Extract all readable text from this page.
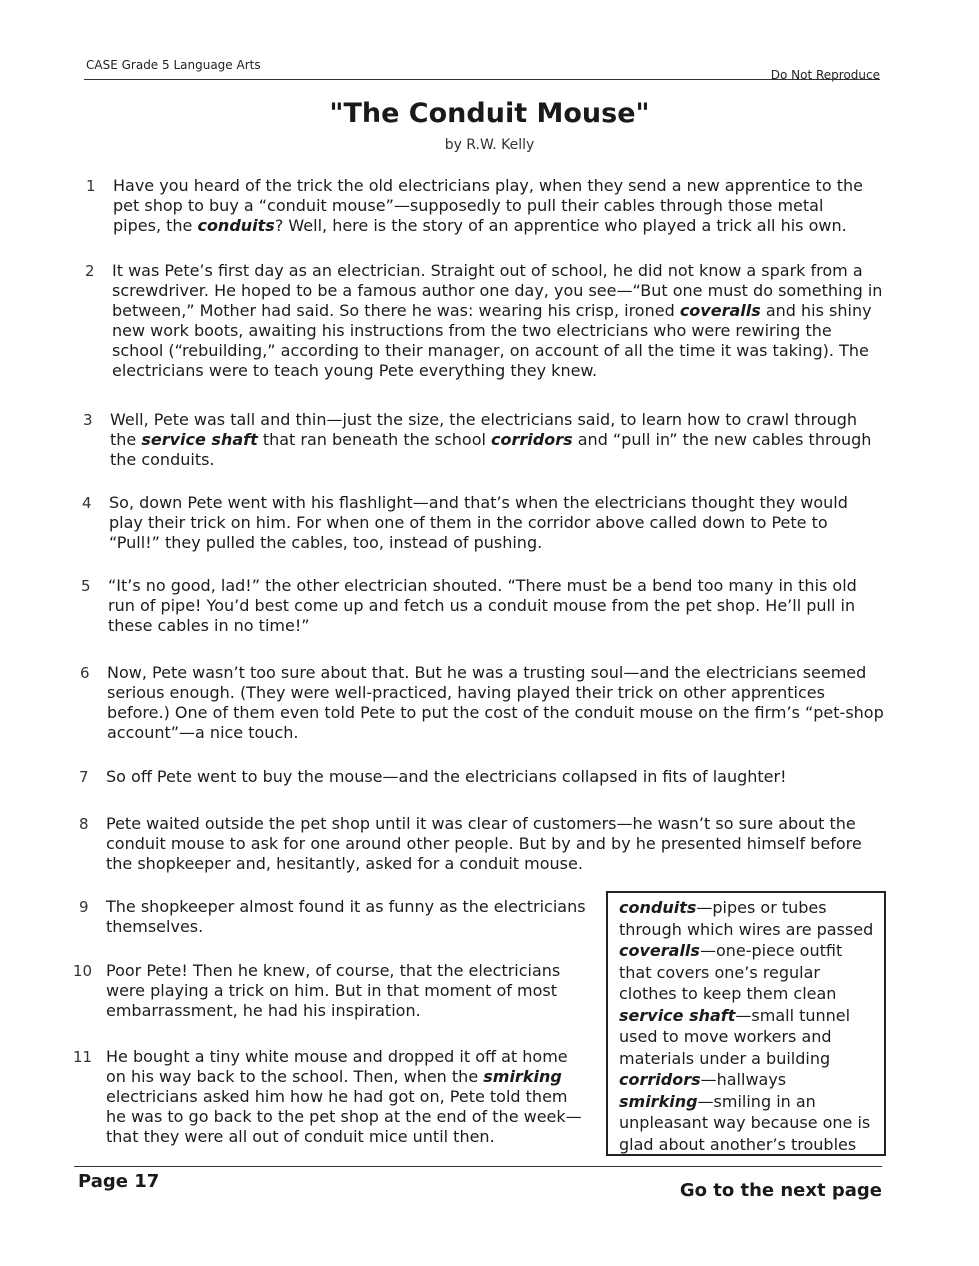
CASE Grade 5 Language Arts
Do Not Reproduce
"The Conduit Mouse"
by R.W. Kelly
1 Have you heard of the trick the old electricians play, when they send a new apprentice to the pet shop to buy a “conduit mouse”—supposedly to pull their cables through those metal pipes, the conduits? Well, here is the story of an apprentice who played a trick all his own.
2 It was Pete’s first day as an electrician. Straight out of school, he did not know a spark from a screwdriver. He hoped to be a famous author one day, you see—“But one must do something in between,” Mother had said. So there he was: wearing his crisp, ironed coveralls and his shiny new work boots, awaiting his instructions from the two electricians who were rewiring the school (“rebuilding,” according to their manager, on account of all the time it was taking). The electricians were to teach young Pete everything they knew.
3 Well, Pete was tall and thin—just the size, the electricians said, to learn how to crawl through the service shaft that ran beneath the school corridors and “pull in” the new cables through the conduits.
4 So, down Pete went with his flashlight—and that’s when the electricians thought they would play their trick on him. For when one of them in the corridor above called down to Pete to “Pull!” they pulled the cables, too, instead of pushing.
5 “It’s no good, lad!” the other electrician shouted. “There must be a bend too many in this old run of pipe! You’d best come up and fetch us a conduit mouse from the pet shop. He’ll pull in these cables in no time!”
6 Now, Pete wasn’t too sure about that. But he was a trusting soul—and the electricians seemed serious enough. (They were well-practiced, having played their trick on other apprentices before.) One of them even told Pete to put the cost of the conduit mouse on the firm’s “pet-shop account”—a nice touch.
7 So off Pete went to buy the mouse—and the electricians collapsed in fits of laughter!
8 Pete waited outside the pet shop until it was clear of customers—he wasn’t so sure about the conduit mouse to ask for one around other people. But by and by he presented himself before the shopkeeper and, hesitantly, asked for a conduit mouse.
9 The shopkeeper almost found it as funny as the electricians themselves.
10 Poor Pete! Then he knew, of course, that the electricians were playing a trick on him. But in that moment of most embarrassment, he had his inspiration.
11 He bought a tiny white mouse and dropped it off at home on his way back to the school. Then, when the smirking electricians asked him how he had got on, Pete told them he was to go back to the pet shop at the end of the week—that they were all out of conduit mice until then.
conduits—pipes or tubes through which wires are passed
coveralls—one-piece outfit that covers one’s regular clothes to keep them clean
service shaft—small tunnel used to move workers and materials under a building
corridors—hallways
smirking—smiling in an unpleasant way because one is glad about another’s troubles
Page 17	Go to the next page
